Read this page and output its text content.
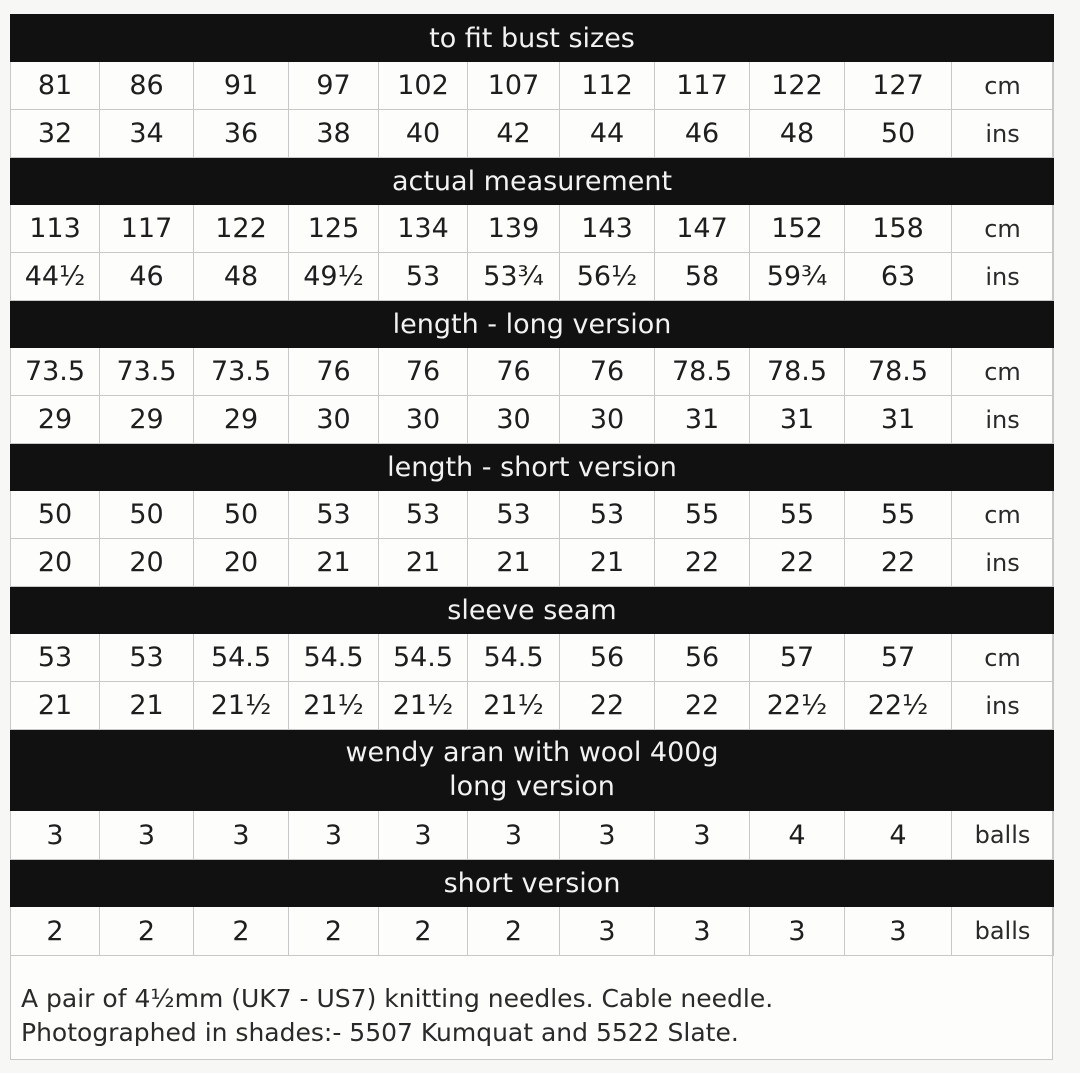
to fit bust sizes										

81	86	91	97	102	107	112	117	122	127	cm
32	34	36	38	40	42	44	46	48	50	ins

actual measurement										

113	117	122	125	134	139	143	147	152	158	cm
44½	46	48	49½	53	53¾	56½	58	59¾	63	ins

length - long version										

73.5	73.5	73.5	76	76	76	76	78.5	78.5	78.5	cm
29	29	29	30	30	30	30	31	31	31	ins

length - short version										

50	50	50	53	53	53	53	55	55	55	cm
20	20	20	21	21	21	21	22	22	22	ins

sleeve seam										

53	53	54.5	54.5	54.5	54.5	56	56	57	57	cm
21	21	21½	21½	21½	21½	22	22	22½	22½	ins

wendy aran with wool 400g
long version										

3	3	3	3	3	3	3	3	4	4	balls

short version										

2	2	2	2	2	2	3	3	3	3	balls
A pair of 4½mm (UK7 - US7) knitting needles. Cable needle.
Photographed in shades:- 5507 Kumquat and 5522 Slate.
